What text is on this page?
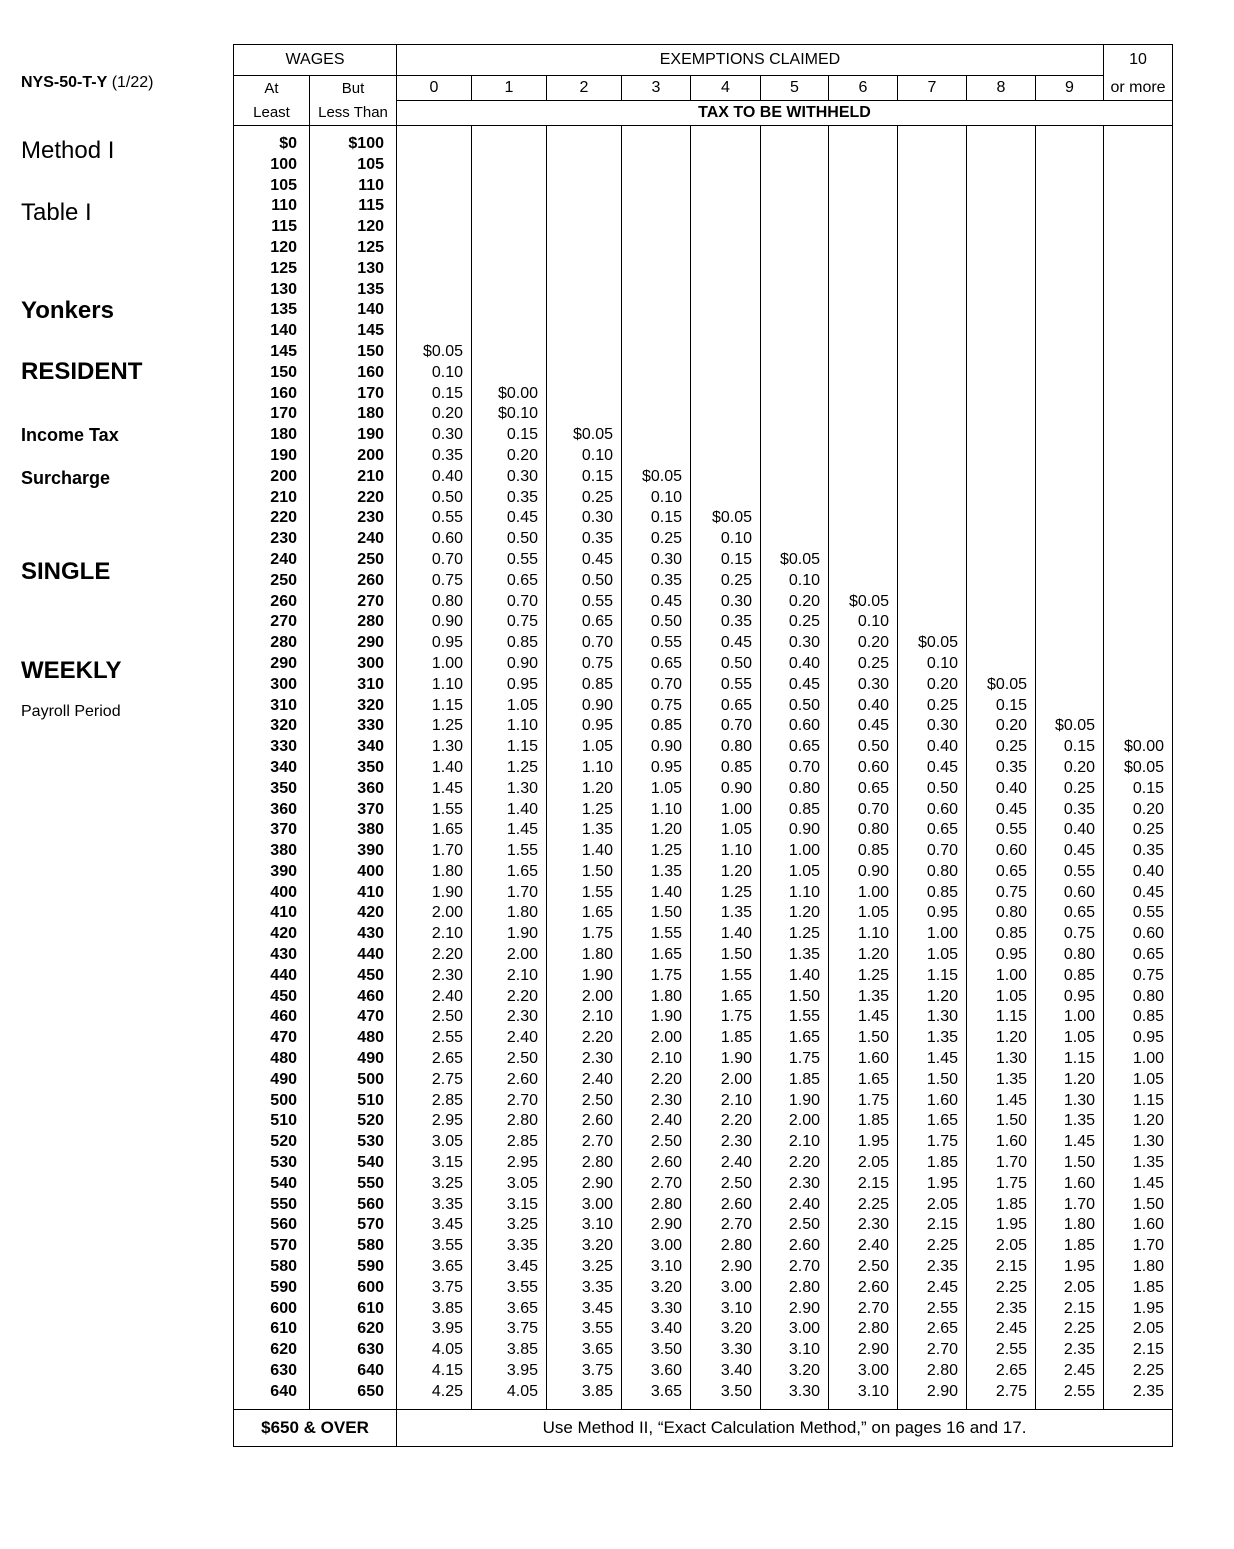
NYS-50-T-Y (1/22)
Method I
Table I
Yonkers
RESIDENT
Income Tax
Surcharge
SINGLE
WEEKLY
Payroll Period
WAGES		EXEMPTIONS CLAIMED										10
At	But	0	1	2	3	4	5	6	7	8	9	or more
Least	Less Than	TAX TO BE WITHHELD										
$0	$100											
100	105											
105	110											
110	115											
115	120											
120	125											
125	130											
130	135											
135	140											
140	145											
145	150	$0.05										
150	160	0.10										
160	170	0.15	$0.00									
170	180	0.20	$0.10									
180	190	0.30	0.15	$0.05								
190	200	0.35	0.20	0.10								
200	210	0.40	0.30	0.15	$0.05							
210	220	0.50	0.35	0.25	0.10							
220	230	0.55	0.45	0.30	0.15	$0.05						
230	240	0.60	0.50	0.35	0.25	0.10						
240	250	0.70	0.55	0.45	0.30	0.15	$0.05					
250	260	0.75	0.65	0.50	0.35	0.25	0.10					
260	270	0.80	0.70	0.55	0.45	0.30	0.20	$0.05				
270	280	0.90	0.75	0.65	0.50	0.35	0.25	0.10				
280	290	0.95	0.85	0.70	0.55	0.45	0.30	0.20	$0.05			
290	300	1.00	0.90	0.75	0.65	0.50	0.40	0.25	0.10			
300	310	1.10	0.95	0.85	0.70	0.55	0.45	0.30	0.20	$0.05		
310	320	1.15	1.05	0.90	0.75	0.65	0.50	0.40	0.25	0.15		
320	330	1.25	1.10	0.95	0.85	0.70	0.60	0.45	0.30	0.20	$0.05	
330	340	1.30	1.15	1.05	0.90	0.80	0.65	0.50	0.40	0.25	0.15	$0.00
340	350	1.40	1.25	1.10	0.95	0.85	0.70	0.60	0.45	0.35	0.20	$0.05
350	360	1.45	1.30	1.20	1.05	0.90	0.80	0.65	0.50	0.40	0.25	0.15
360	370	1.55	1.40	1.25	1.10	1.00	0.85	0.70	0.60	0.45	0.35	0.20
370	380	1.65	1.45	1.35	1.20	1.05	0.90	0.80	0.65	0.55	0.40	0.25
380	390	1.70	1.55	1.40	1.25	1.10	1.00	0.85	0.70	0.60	0.45	0.35
390	400	1.80	1.65	1.50	1.35	1.20	1.05	0.90	0.80	0.65	0.55	0.40
400	410	1.90	1.70	1.55	1.40	1.25	1.10	1.00	0.85	0.75	0.60	0.45
410	420	2.00	1.80	1.65	1.50	1.35	1.20	1.05	0.95	0.80	0.65	0.55
420	430	2.10	1.90	1.75	1.55	1.40	1.25	1.10	1.00	0.85	0.75	0.60
430	440	2.20	2.00	1.80	1.65	1.50	1.35	1.20	1.05	0.95	0.80	0.65
440	450	2.30	2.10	1.90	1.75	1.55	1.40	1.25	1.15	1.00	0.85	0.75
450	460	2.40	2.20	2.00	1.80	1.65	1.50	1.35	1.20	1.05	0.95	0.80
460	470	2.50	2.30	2.10	1.90	1.75	1.55	1.45	1.30	1.15	1.00	0.85
470	480	2.55	2.40	2.20	2.00	1.85	1.65	1.50	1.35	1.20	1.05	0.95
480	490	2.65	2.50	2.30	2.10	1.90	1.75	1.60	1.45	1.30	1.15	1.00
490	500	2.75	2.60	2.40	2.20	2.00	1.85	1.65	1.50	1.35	1.20	1.05
500	510	2.85	2.70	2.50	2.30	2.10	1.90	1.75	1.60	1.45	1.30	1.15
510	520	2.95	2.80	2.60	2.40	2.20	2.00	1.85	1.65	1.50	1.35	1.20
520	530	3.05	2.85	2.70	2.50	2.30	2.10	1.95	1.75	1.60	1.45	1.30
530	540	3.15	2.95	2.80	2.60	2.40	2.20	2.05	1.85	1.70	1.50	1.35
540	550	3.25	3.05	2.90	2.70	2.50	2.30	2.15	1.95	1.75	1.60	1.45
550	560	3.35	3.15	3.00	2.80	2.60	2.40	2.25	2.05	1.85	1.70	1.50
560	570	3.45	3.25	3.10	2.90	2.70	2.50	2.30	2.15	1.95	1.80	1.60
570	580	3.55	3.35	3.20	3.00	2.80	2.60	2.40	2.25	2.05	1.85	1.70
580	590	3.65	3.45	3.25	3.10	2.90	2.70	2.50	2.35	2.15	1.95	1.80
590	600	3.75	3.55	3.35	3.20	3.00	2.80	2.60	2.45	2.25	2.05	1.85
600	610	3.85	3.65	3.45	3.30	3.10	2.90	2.70	2.55	2.35	2.15	1.95
610	620	3.95	3.75	3.55	3.40	3.20	3.00	2.80	2.65	2.45	2.25	2.05
620	630	4.05	3.85	3.65	3.50	3.30	3.10	2.90	2.70	2.55	2.35	2.15
630	640	4.15	3.95	3.75	3.60	3.40	3.20	3.00	2.80	2.65	2.45	2.25
640	650	4.25	4.05	3.85	3.65	3.50	3.30	3.10	2.90	2.75	2.55	2.35
$650 & OVER		Use Method II, “Exact Calculation Method,” on pages 16 and 17.										
